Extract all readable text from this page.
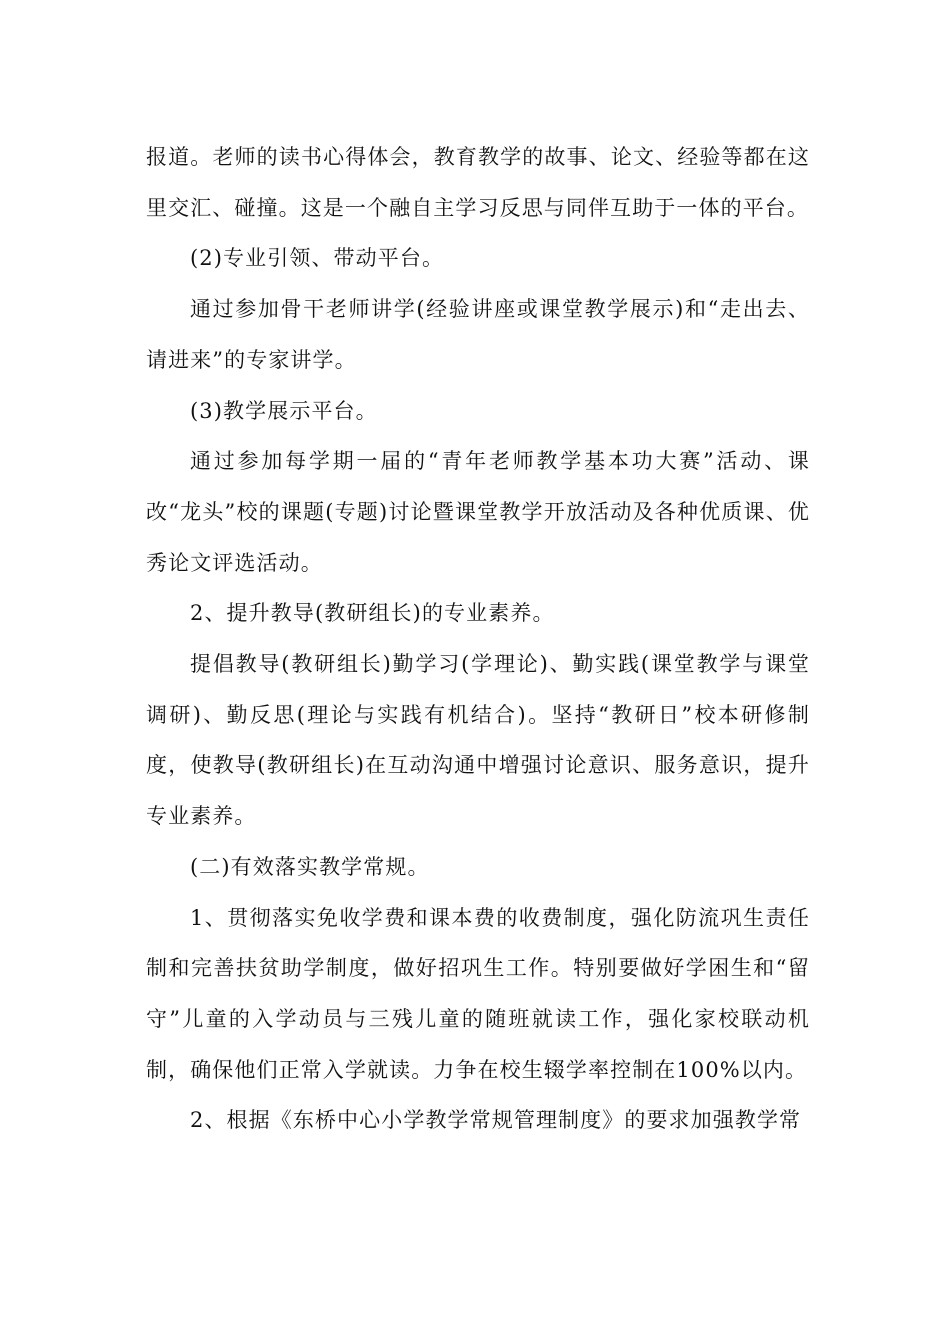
报道。老师的读书心得体会，教育教学的故事、论文、经验等都在这里交汇、碰撞。这是一个融自主学习反思与同伴互助于一体的平台。

(2)专业引领、带动平台。

通过参加骨干老师讲学(经验讲座或课堂教学展示)和“走出去、请进来”的专家讲学。

(3)教学展示平台。

通过参加每学期一届的“青年老师教学基本功大赛”活动、课改“龙头”校的课题(专题)讨论暨课堂教学开放活动及各种优质课、优秀论文评选活动。

2、提升教导(教研组长)的专业素养。

提倡教导(教研组长)勤学习(学理论)、勤实践(课堂教学与课堂调研)、勤反思(理论与实践有机结合)。坚持“教研日”校本研修制度，使教导(教研组长)在互动沟通中增强讨论意识、服务意识，提升专业素养。

(二)有效落实教学常规。

1、贯彻落实免收学费和课本费的收费制度，强化防流巩生责任制和完善扶贫助学制度，做好招巩生工作。特别要做好学困生和“留守”儿童的入学动员与三残儿童的随班就读工作，强化家校联动机制，确保他们正常入学就读。力争在校生辍学率控制在100%以内。

2、根据《东桥中心小学教学常规管理制度》的要求加强教学常
